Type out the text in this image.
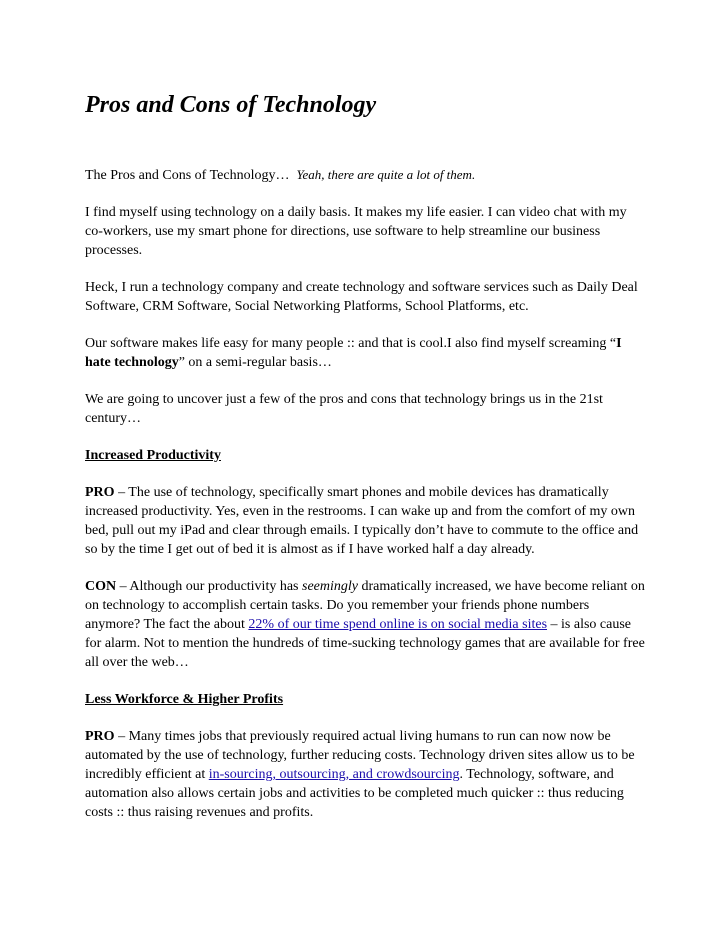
Pros and Cons of Technology

The Pros and Cons of Technology… Yeah, there are quite a lot of them.

I find myself using technology on a daily basis. It makes my life easier. I can video chat with my co-workers, use my smart phone for directions, use software to help streamline our business processes.

Heck, I run a technology company and create technology and software services such as Daily Deal Software, CRM Software, Social Networking Platforms, School Platforms, etc.

Our software makes life easy for many people :: and that is cool.I also find myself screaming “I hate technology” on a semi-regular basis…

We are going to uncover just a few of the pros and cons that technology brings us in the 21st century…

Increased Productivity

PRO – The use of technology, specifically smart phones and mobile devices has dramatically increased productivity. Yes, even in the restrooms. I can wake up and from the comfort of my own bed, pull out my iPad and clear through emails. I typically don’t have to commute to the office and so by the time I get out of bed it is almost as if I have worked half a day already.

CON – Although our productivity has seemingly dramatically increased, we have become reliant on on technology to accomplish certain tasks. Do you remember your friends phone numbers anymore? The fact the about 22% of our time spend online is on social media sites – is also cause for alarm. Not to mention the hundreds of time-sucking technology games that are available for free all over the web…

Less Workforce & Higher Profits

PRO – Many times jobs that previously required actual living humans to run can now now be automated by the use of technology, further reducing costs. Technology driven sites allow us to be incredibly efficient at in-sourcing, outsourcing, and crowdsourcing. Technology, software, and automation also allows certain jobs and activities to be completed much quicker :: thus reducing costs :: thus raising revenues and profits.
